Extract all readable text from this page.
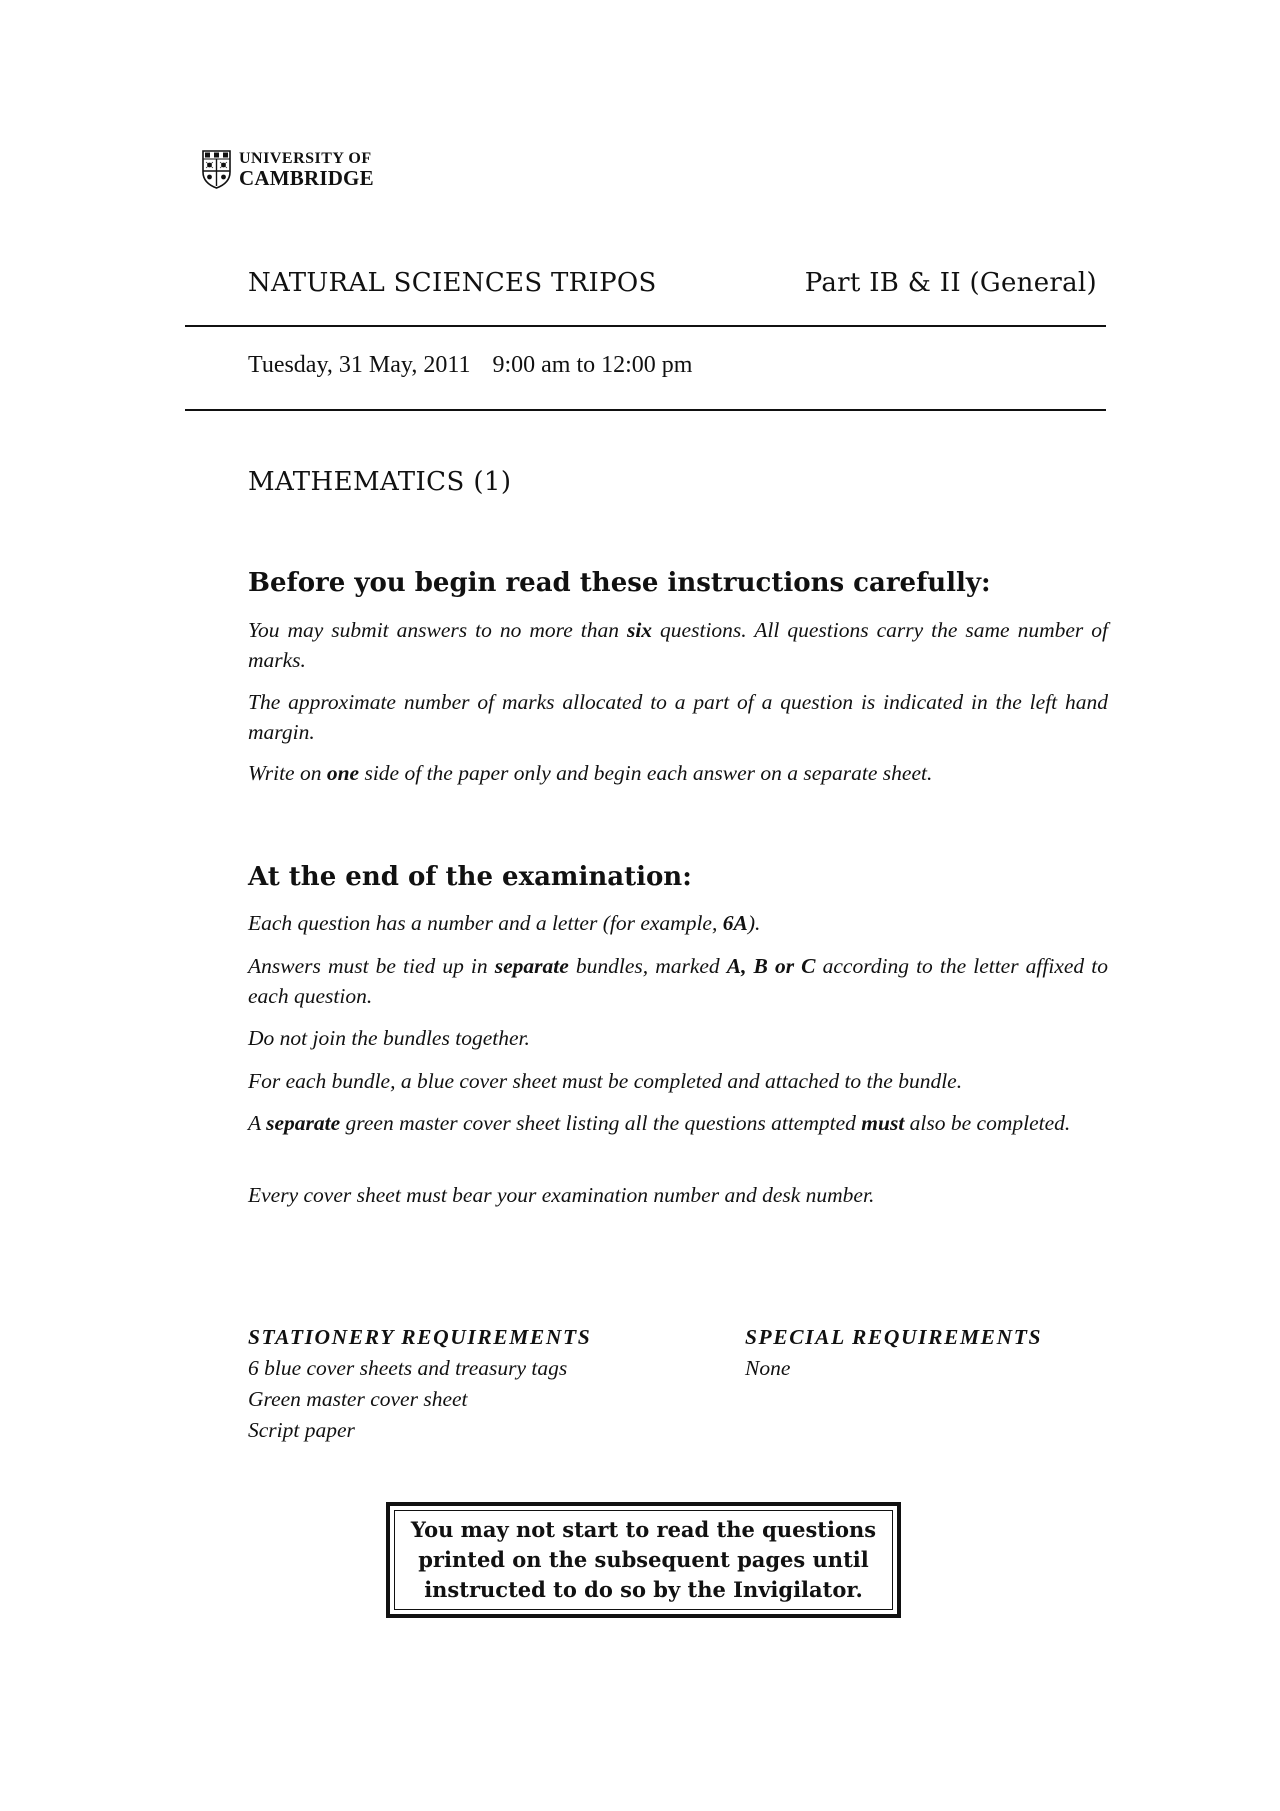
UNIVERSITY OF
CAMBRIDGE
NATURAL SCIENCES TRIPOS	Part IB & II (General)
Tuesday, 31 May, 2011 9:00 am to 12:00 pm
MATHEMATICS (1)
Before you begin read these instructions carefully:
You may submit answers to no more than six questions. All questions carry the same number of marks.
The approximate number of marks allocated to a part of a question is indicated in the left hand margin.
Write on one side of the paper only and begin each answer on a separate sheet.
At the end of the examination:
Each question has a number and a letter (for example, 6A).
Answers must be tied up in separate bundles, marked A, B or C according to the letter affixed to each question.
Do not join the bundles together.
For each bundle, a blue cover sheet must be completed and attached to the bundle.
A separate green master cover sheet listing all the questions attempted must also be completed.
Every cover sheet must bear your examination number and desk number.
STATIONERY REQUIREMENTS
6 blue cover sheets and treasury tags
Green master cover sheet
Script paper
SPECIAL REQUIREMENTS
None
You may not start to read the questions
printed on the subsequent pages until
instructed to do so by the Invigilator.
